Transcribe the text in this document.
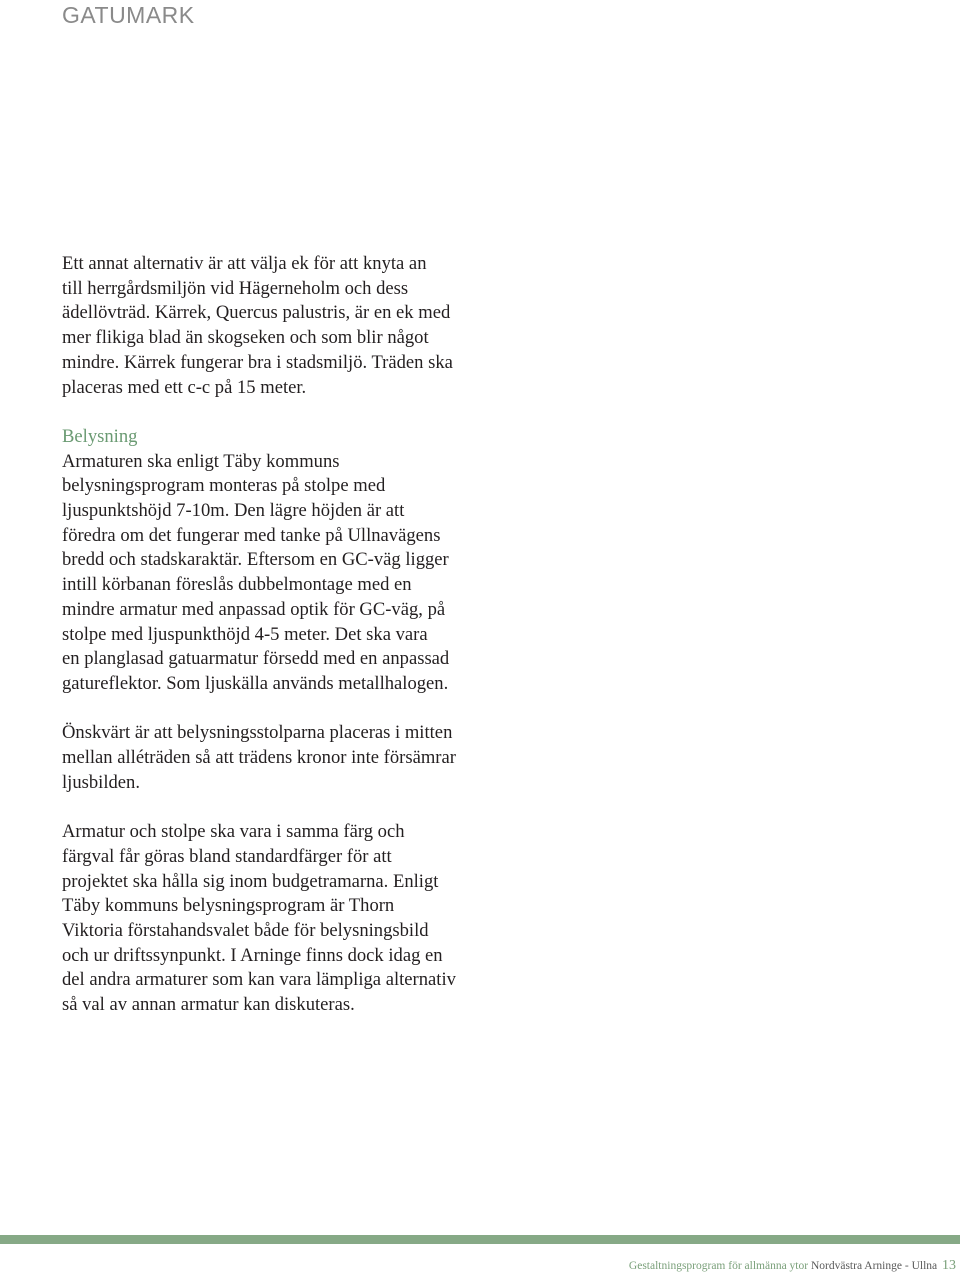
GATUMARK

Ett annat alternativ är att välja ek för att knyta an
till herrgårdsmiljön vid Hägerneholm och dess
ädellövträd. Kärrek, Quercus palustris, är en ek med
mer flikiga blad än skogseken och som blir något
mindre. Kärrek fungerar bra i stadsmiljö. Träden ska
placeras med ett c-c på 15 meter.

Belysning

Armaturen ska enligt Täby kommuns
belysningsprogram monteras på stolpe med
ljuspunktshöjd 7-10m. Den lägre höjden är att
föredra om det fungerar med tanke på Ullnavägens
bredd och stadskaraktär. Eftersom en GC-väg ligger
intill körbanan föreslås dubbelmontage med en
mindre armatur med anpassad optik för GC-väg, på
stolpe med ljuspunkthöjd 4-5 meter. Det ska vara
en planglasad gatuarmatur försedd med en anpassad
gatureflektor. Som ljuskälla används metallhalogen.

Önskvärt är att belysningsstolparna placeras i mitten
mellan alléträden så att trädens kronor inte försämrar
ljusbilden.

Armatur och stolpe ska vara i samma färg och
färgval får göras bland standardfärger för att
projektet ska hålla sig inom budgetramarna. Enligt
Täby kommuns belysningsprogram är Thorn
Viktoria förstahandsvalet både för belysningsbild
och ur driftssynpunkt. I Arninge finns dock idag en
del andra armaturer som kan vara lämpliga alternativ
så val av annan armatur kan diskuteras.

Gestaltningsprogram för allmänna ytor Nordvästra Arninge - Ullna 13
